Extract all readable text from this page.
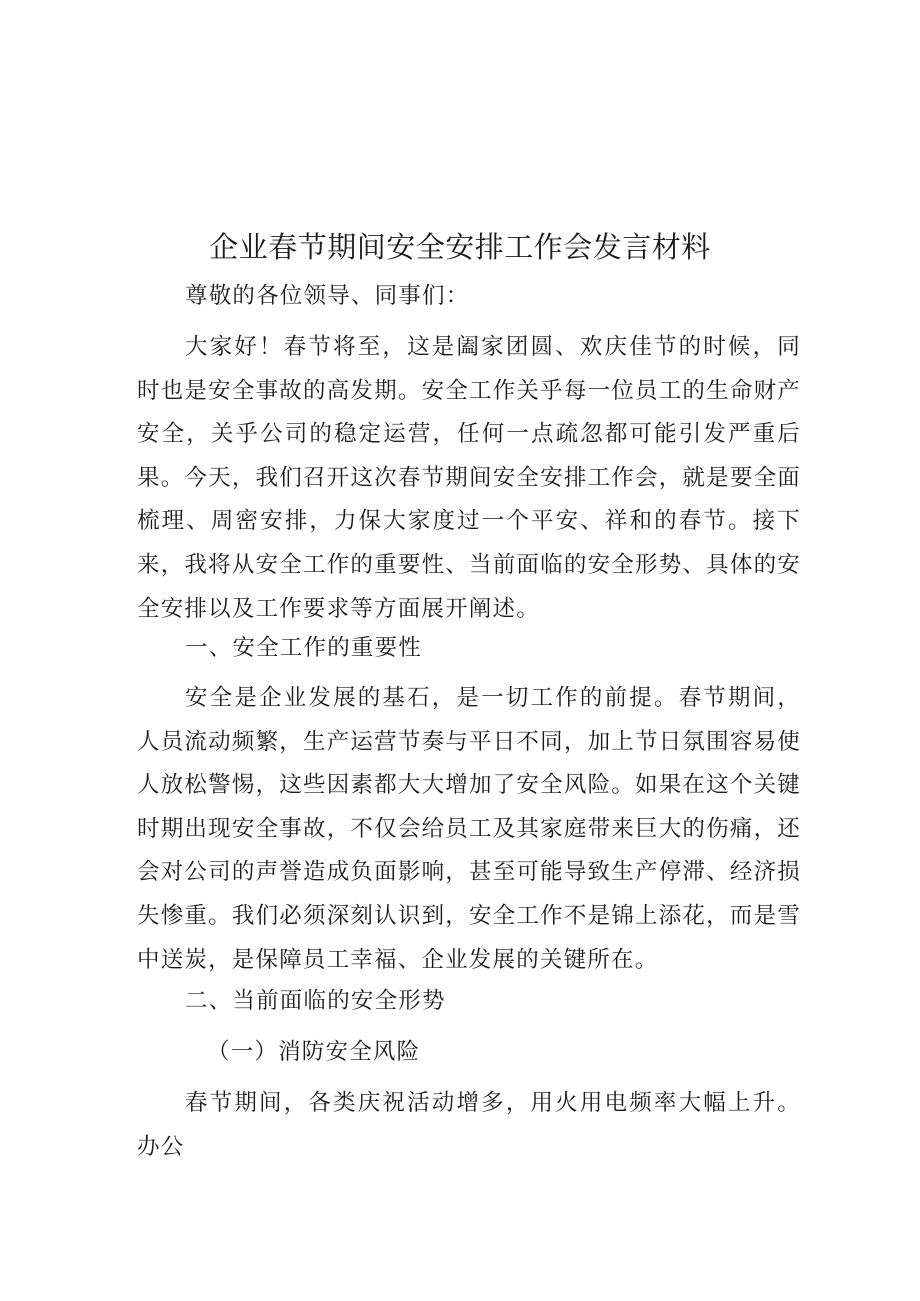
企业春节期间安全安排工作会发言材料

尊敬的各位领导、同事们：

大家好！春节将至，这是阖家团圆、欢庆佳节的时候，同时也是安全事故的高发期。安全工作关乎每一位员工的生命财产安全，关乎公司的稳定运营，任何一点疏忽都可能引发严重后果。今天，我们召开这次春节期间安全安排工作会，就是要全面梳理、周密安排，力保大家度过一个平安、祥和的春节。接下来，我将从安全工作的重要性、当前面临的安全形势、具体的安全安排以及工作要求等方面展开阐述。

一、安全工作的重要性

安全是企业发展的基石，是一切工作的前提。春节期间，人员流动频繁，生产运营节奏与平日不同，加上节日氛围容易使人放松警惕，这些因素都大大增加了安全风险。如果在这个关键时期出现安全事故，不仅会给员工及其家庭带来巨大的伤痛，还会对公司的声誉造成负面影响，甚至可能导致生产停滞、经济损失惨重。我们必须深刻认识到，安全工作不是锦上添花，而是雪中送炭，是保障员工幸福、企业发展的关键所在。

二、当前面临的安全形势

（一）消防安全风险

春节期间，各类庆祝活动增多，用火用电频率大幅上升。办公
